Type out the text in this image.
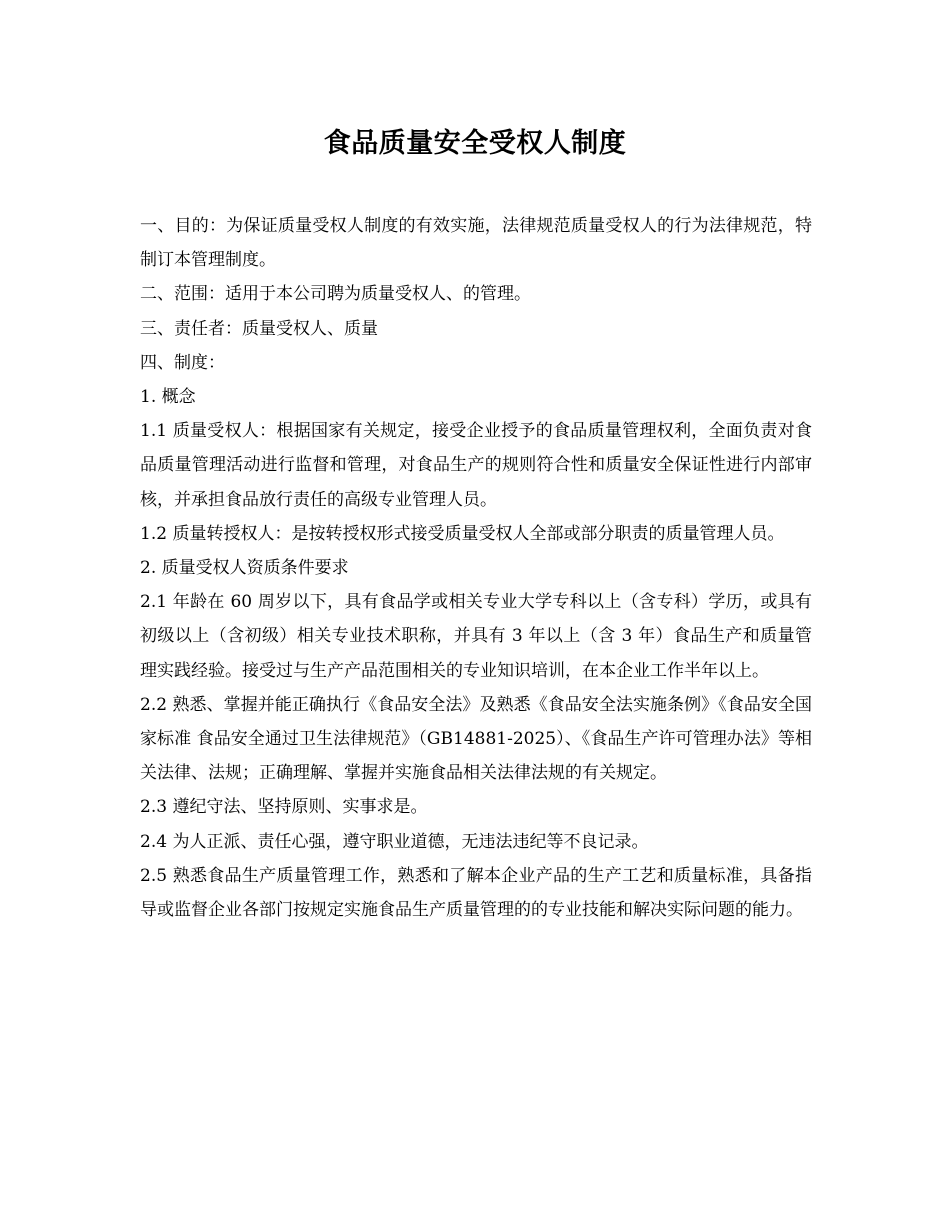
食品质量安全受权人制度

一、目的：为保证质量受权人制度的有效实施，法律规范质量受权人的行为法律规范，特制订本管理制度。

二、范围：适用于本公司聘为质量受权人、的管理。

三、责任者：质量受权人、质量

四、制度：

1. 概念

1.1 质量受权人：根据国家有关规定，接受企业授予的食品质量管理权利，全面负责对食品质量管理活动进行监督和管理，对食品生产的规则符合性和质量安全保证性进行内部审核，并承担食品放行责任的高级专业管理人员。

1.2 质量转授权人：是按转授权形式接受质量受权人全部或部分职责的质量管理人员。

2. 质量受权人资质条件要求

2.1 年龄在 60 周岁以下，具有食品学或相关专业大学专科以上（含专科）学历，或具有初级以上（含初级）相关专业技术职称，并具有 3 年以上（含 3 年）食品生产和质量管理实践经验。接受过与生产产品范围相关的专业知识培训，在本企业工作半年以上。

2.2 熟悉、掌握并能正确执行《食品安全法》及熟悉《食品安全法实施条例》《食品安全国家标准 食品安全通过卫生法律规范》（GB14881-2025）、《食品生产许可管理办法》等相关法律、法规；正确理解、掌握并实施食品相关法律法规的有关规定。

2.3 遵纪守法、坚持原则、实事求是。

2.4 为人正派、责任心强，遵守职业道德，无违法违纪等不良记录。

2.5 熟悉食品生产质量管理工作，熟悉和了解本企业产品的生产工艺和质量标准，具备指导或监督企业各部门按规定实施食品生产质量管理的的专业技能和解决实际问题的能力。
